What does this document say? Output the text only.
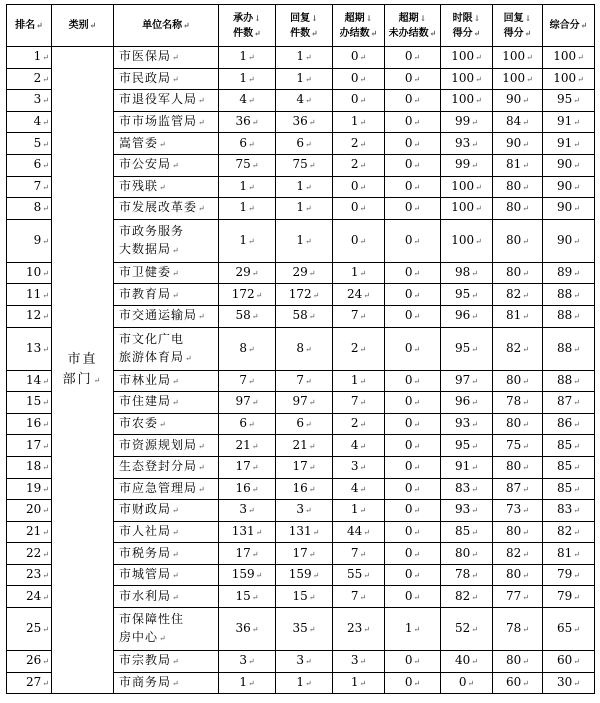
排名↵	类别↵	单位名称↵	承办↓
件数↵	回复↓
件数↵	超期↓
办结数↵	超期↓
未办结数↵	时限↓
得分↵	回复↓
得分↵	综合分↵
1↵	市直
部门↵	市医保局↵	1↵	1↵	0↵	0↵	100↵	100↵	100↵
2↵		市民政局↵	1↵	1↵	0↵	0↵	100↵	100↵	100↵
3↵		市退役军人局↵	4↵	4↵	0↵	0↵	100↵	90↵	95↵
4↵		市市场监管局↵	36↵	36↵	1↵	0↵	99↵	84↵	91↵
5↵		嵩管委↵	6↵	6↵	2↵	0↵	93↵	90↵	91↵
6↵		市公安局↵	75↵	75↵	2↵	0↵	99↵	81↵	90↵
7↵		市残联↵	1↵	1↵	0↵	0↵	100↵	80↵	90↵
8↵		市发展改革委↵	1↵	1↵	0↵	0↵	100↵	80↵	90↵
9↵		市政务服务
大数据局↵	1↵	1↵	0↵	0↵	100↵	80↵	90↵
10↵		市卫健委↵	29↵	29↵	1↵	0↵	98↵	80↵	89↵
11↵		市教育局↵	172↵	172↵	24↵	0↵	95↵	82↵	88↵
12↵		市交通运输局↵	58↵	58↵	7↵	0↵	96↵	81↵	88↵
13↵		市文化广电
旅游体育局↵	8↵	8↵	2↵	0↵	95↵	82↵	88↵
14↵		市林业局↵	7↵	7↵	1↵	0↵	97↵	80↵	88↵
15↵		市住建局↵	97↵	97↵	7↵	0↵	96↵	78↵	87↵
16↵		市农委↵	6↵	6↵	2↵	0↵	93↵	80↵	86↵
17↵		市资源规划局↵	21↵	21↵	4↵	0↵	95↵	75↵	85↵
18↵		生态登封分局↵	17↵	17↵	3↵	0↵	91↵	80↵	85↵
19↵		市应急管理局↵	16↵	16↵	4↵	0↵	83↵	87↵	85↵
20↵		市财政局↵	3↵	3↵	1↵	0↵	93↵	73↵	83↵
21↵		市人社局↵	131↵	131↵	44↵	0↵	85↵	80↵	82↵
22↵		市税务局↵	17↵	17↵	7↵	0↵	80↵	82↵	81↵
23↵		市城管局↵	159↵	159↵	55↵	0↵	78↵	80↵	79↵
24↵		市水利局↵	15↵	15↵	7↵	0↵	82↵	77↵	79↵
25↵		市保障性住
房中心↵	36↵	35↵	23↵	1↵	52↵	78↵	65↵
26↵		市宗教局↵	3↵	3↵	3↵	0↵	40↵	80↵	60↵
27↵		市商务局↵	1↵	1↵	1↵	0↵	0↵	60↵	30↵
